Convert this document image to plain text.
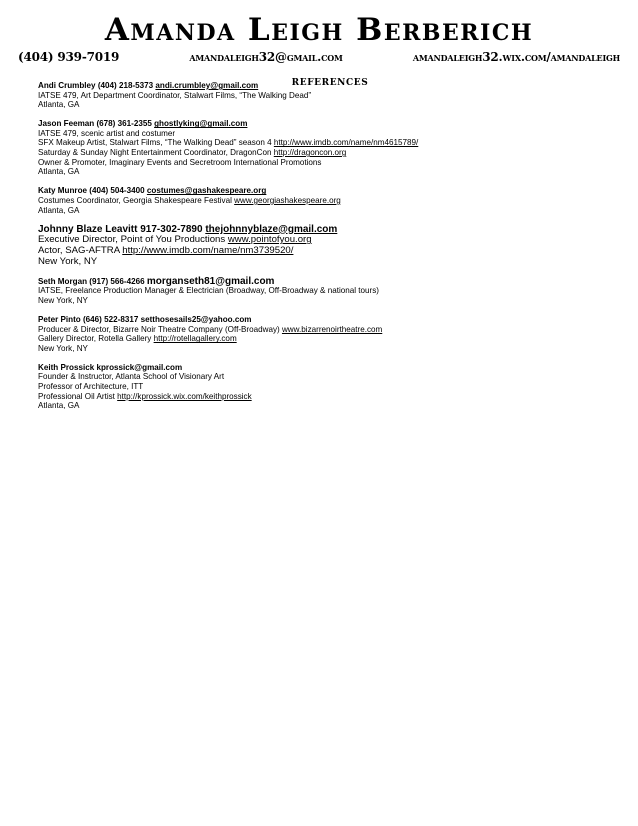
Amanda Leigh Berberich
(404) 939-7019	amandaleigh32@gmail.com	amandaleigh32.wix.com/amandaleigh
REFERENCES
Andi Crumbley (404) 218-5373 andi.crumbley@gmail.com
IATSE 479, Art Department Coordinator, Stalwart Films, “The Walking Dead”
Atlanta, GA
Jason Feeman (678) 361-2355 ghostlyking@gmail.com
IATSE 479, scenic artist and costumer
SFX Makeup Artist, Stalwart Films, “The Walking Dead” season 4 http://www.imdb.com/name/nm4615789/
Saturday & Sunday Night Entertainment Coordinator, DragonCon http://dragoncon.org
Owner & Promoter, Imaginary Events and Secretroom International Promotions
Atlanta, GA
Katy Munroe (404) 504-3400 costumes@gashakespeare.org
Costumes Coordinator, Georgia Shakespeare Festival www.georgiashakespeare.org
Atlanta, GA
Johnny Blaze Leavitt 917-302-7890 thejohnnyblaze@gmail.com
Executive Director, Point of You Productions www.pointofyou.org
Actor, SAG-AFTRA http://www.imdb.com/name/nm3739520/
New York, NY
Seth Morgan (917) 566-4266 morganseth81@gmail.com
IATSE, Freelance Production Manager & Electrician (Broadway, Off-Broadway & national tours)
New York, NY
Peter Pinto (646) 522-8317 setthosesails25@yahoo.com
Producer & Director, Bizarre Noir Theatre Company (Off-Broadway) www.bizarrenoirtheatre.com
Gallery Director, Rotella Gallery http://rotellagallery.com
New York, NY
Keith Prossick kprossick@gmail.com
Founder & Instructor, Atlanta School of Visionary Art
Professor of Architecture, ITT
Professional Oil Artist http://kprossick.wix.com/keithprossick
Atlanta, GA
